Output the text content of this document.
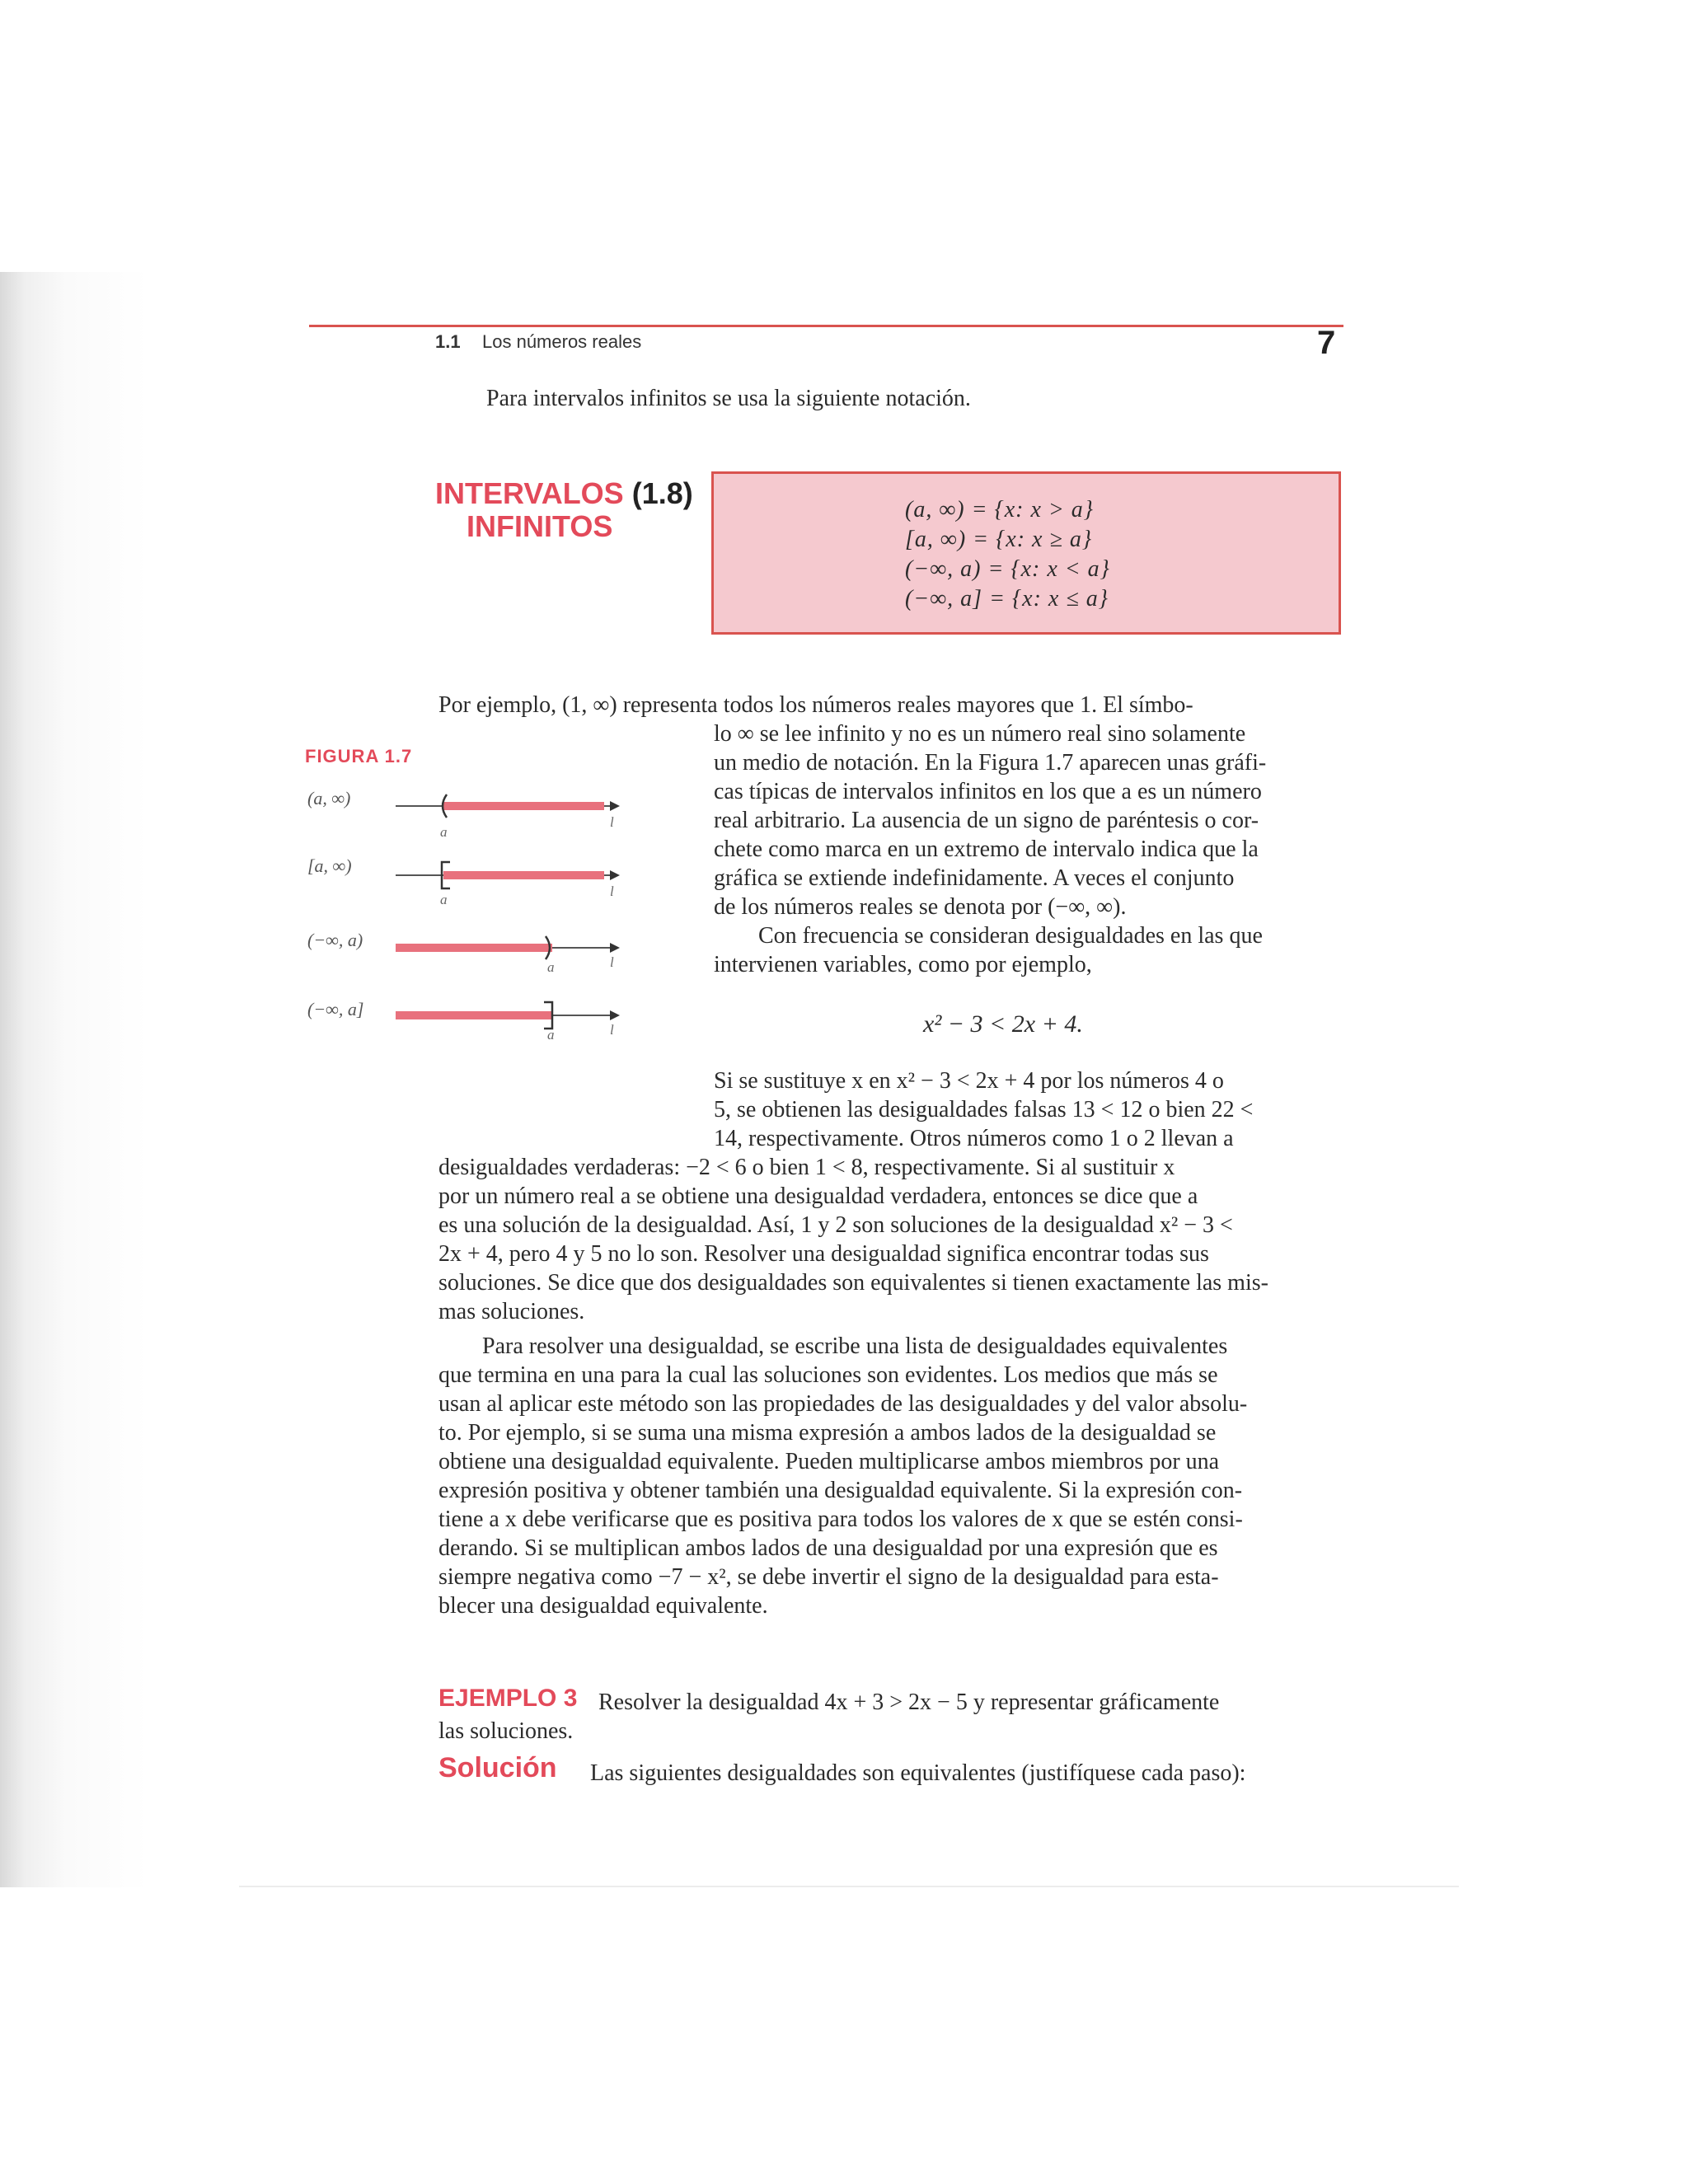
1.1 Los números reales	7
Para intervalos infinitos se usa la siguiente notación.
INTERVALOS (1.8)
INFINITOS	(a, ∞) = {x: x > a}
[a, ∞) = {x: x ≥ a}
(−∞, a) = {x: x < a}
(−∞, a] = {x: x ≤ a}
FIGURA 1.7
(a, ∞)
[a, ∞)
(−∞, a)
(−∞, a]
a
a
a
a
l
l
l
l
Por ejemplo, (1, ∞) representa todos los números reales mayores que 1. El símbo-
lo ∞ se lee infinito y no es un número real sino solamente
un medio de notación. En la Figura 1.7 aparecen unas gráfi-
cas típicas de intervalos infinitos en los que a es un número
real arbitrario. La ausencia de un signo de paréntesis o cor-
chete como marca en un extremo de intervalo indica que la
gráfica se extiende indefinidamente. A veces el conjunto
de los números reales se denota por (−∞, ∞).
Con frecuencia se consideran desigualdades en las que
intervienen variables, como por ejemplo,
x² − 3 < 2x + 4.
Si se sustituye x en x² − 3 < 2x + 4 por los números 4 o
5, se obtienen las desigualdades falsas 13 < 12 o bien 22 <
14, respectivamente. Otros números como 1 o 2 llevan a
desigualdades verdaderas: −2 < 6 o bien 1 < 8, respectivamente. Si al sustituir x
por un número real a se obtiene una desigualdad verdadera, entonces se dice que a
es una solución de la desigualdad. Así, 1 y 2 son soluciones de la desigualdad x² − 3 <
2x + 4, pero 4 y 5 no lo son. Resolver una desigualdad significa encontrar todas sus
soluciones. Se dice que dos desigualdades son equivalentes si tienen exactamente las mis-
mas soluciones.
Para resolver una desigualdad, se escribe una lista de desigualdades equivalentes
que termina en una para la cual las soluciones son evidentes. Los medios que más se
usan al aplicar este método son las propiedades de las desigualdades y del valor absolu-
to. Por ejemplo, si se suma una misma expresión a ambos lados de la desigualdad se
obtiene una desigualdad equivalente. Pueden multiplicarse ambos miembros por una
expresión positiva y obtener también una desigualdad equivalente. Si la expresión con-
tiene a x debe verificarse que es positiva para todos los valores de x que se estén consi-
derando. Si se multiplican ambos lados de una desigualdad por una expresión que es
siempre negativa como −7 − x², se debe invertir el signo de la desigualdad para esta-
blecer una desigualdad equivalente.
EJEMPLO 3 Resolver la desigualdad 4x + 3 > 2x − 5 y representar gráficamente
las soluciones.
Solución Las siguientes desigualdades son equivalentes (justifíquese cada paso):
